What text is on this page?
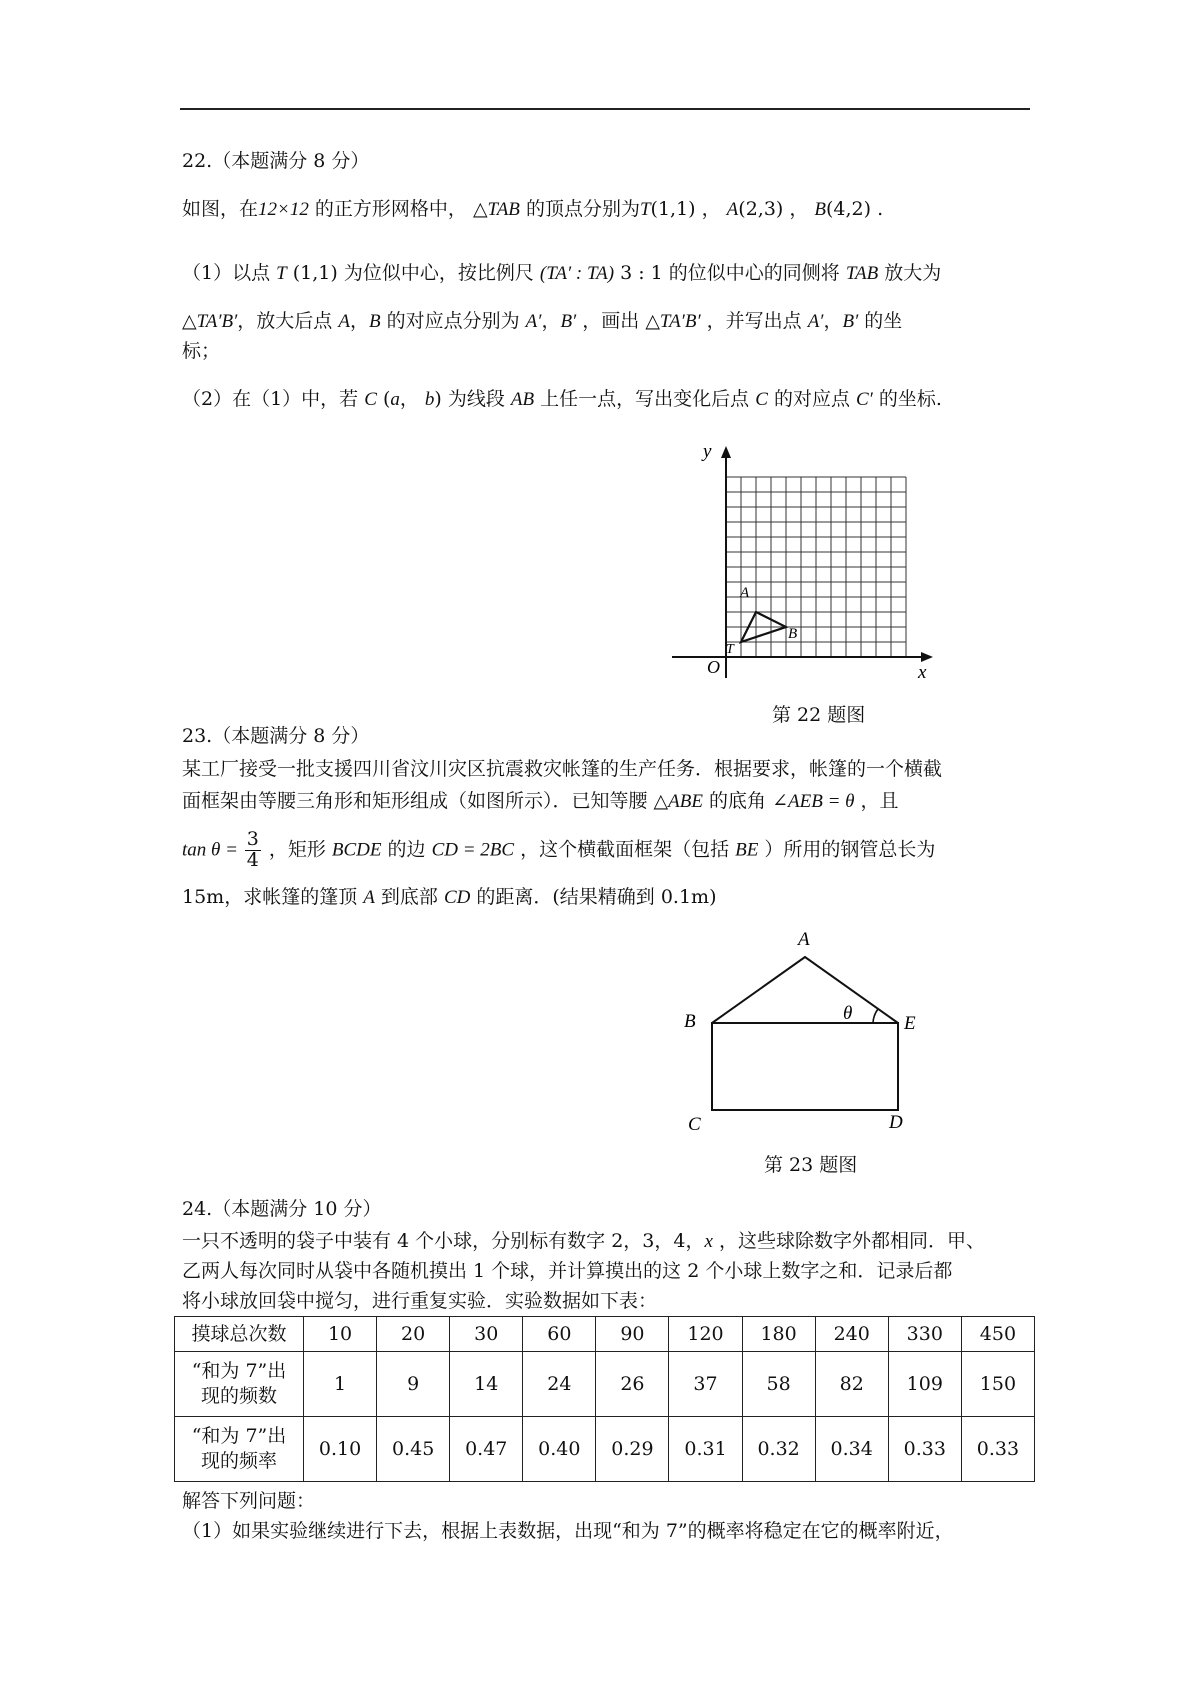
22.（本题满分 8 分）
如图，在12×12 的正方形网格中， △TAB 的顶点分别为T(1,1) ， A(2,3) ， B(4,2) .
（1）以点 T (1,1) 为位似中心，按比例尺 (TA′ : TA) 3 : 1 的位似中心的同侧将 TAB 放大为
△TA′B′，放大后点 A，B 的对应点分别为 A′，B′ ，画出 △TA′B′ ，并写出点 A′，B′ 的坐
标；
（2）在（1）中，若 C (a， b) 为线段 AB 上任一点，写出变化后点 C 的对应点 C′ 的坐标.
y
x
O
T
A
B
第 22 题图
23.（本题满分 8 分）
某工厂接受一批支援四川省汶川灾区抗震救灾帐篷的生产任务．根据要求，帐篷的一个横截
面框架由等腰三角形和矩形组成（如图所示）．已知等腰 △ABE 的底角 ∠AEB = θ ，且
$\tan \theta = \frac{3}{4}$ ，矩形 BCDE 的边 CD = 2BC ，这个横截面框架（包括 BE ）所用的钢管总长为
15m，求帐篷的篷顶 A 到底部 CD 的距离．(结果精确到 0.1m)
A
B	E
C	D
θ
第 23 题图
24.（本题满分 10 分）
一只不透明的袋子中装有 4 个小球，分别标有数字 2，3，4，x ，这些球除数字外都相同．甲、
乙两人每次同时从袋中各随机摸出 1 个球，并计算摸出的这 2 个小球上数字之和．记录后都
将小球放回袋中搅匀，进行重复实验．实验数据如下表：
摸球总次数	10	20	30	60	90	120	180	240	330	450
“和为 7”出
现的频数	1	9	14	24	26	37	58	82	109	150
“和为 7”出
现的频率	0.10	0.45	0.47	0.40	0.29	0.31	0.32	0.34	0.33	0.33
解答下列问题：
（1）如果实验继续进行下去，根据上表数据，出现“和为 7”的概率将稳定在它的概率附近，
